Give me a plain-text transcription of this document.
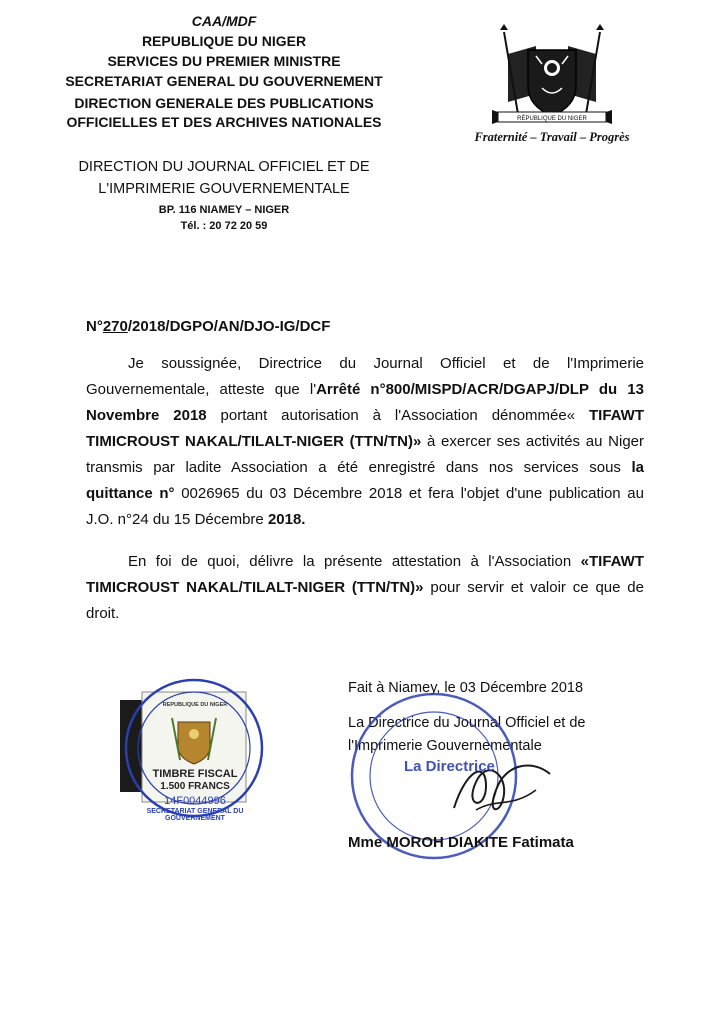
CAA/MDF
REPUBLIQUE DU NIGER
SERVICES DU PREMIER MINISTRE
SECRETARIAT GENERAL DU GOUVERNEMENT
DIRECTION GENERALE DES PUBLICATIONS
OFFICIELLES ET DES ARCHIVES NATIONALES
DIRECTION DU JOURNAL OFFICIEL ET DE
L'IMPRIMERIE GOUVERNEMENTALE
BP. 116 NIAMEY – NIGER
Tél. : 20 72 20 59
RÉPUBLIQUE DU NIGER
Fraternité – Travail – Progrès
N°270/2018/DGPO/AN/DJO-IG/DCF
Je soussignée, Directrice du Journal Officiel et de l'Imprimerie Gouvernementale, atteste que l'Arrêté n°800/MISPD/ACR/DGAPJ/DLP du 13 Novembre 2018 portant autorisation à l'Association dénommée« TIFAWT TIMICROUST NAKAL/TILALT-NIGER (TTN/TN)» à exercer ses activités au Niger transmis par ladite Association a été enregistré dans nos services sous la quittance n° 0026965 du 03 Décembre 2018 et fera l'objet d'une publication au J.O. n°24 du 15 Décembre 2018.
En foi de quoi, délivre la présente attestation à l'Association «TIFAWT TIMICROUST NAKAL/TILALT-NIGER (TTN/TN)» pour servir et valoir ce que de droit.
REPUBLIQUE DU NIGER
TIMBRE FISCAL
1.500 FRANCS
14F0044996
SECRETARIAT GENERAL DU GOUVERNEMENT
Fait à Niamey, le 03 Décembre 2018
La Directrice du Journal Officiel et de
l'Imprimerie Gouvernementale
La Directrice
Mme MOROH DIAKITE Fatimata
